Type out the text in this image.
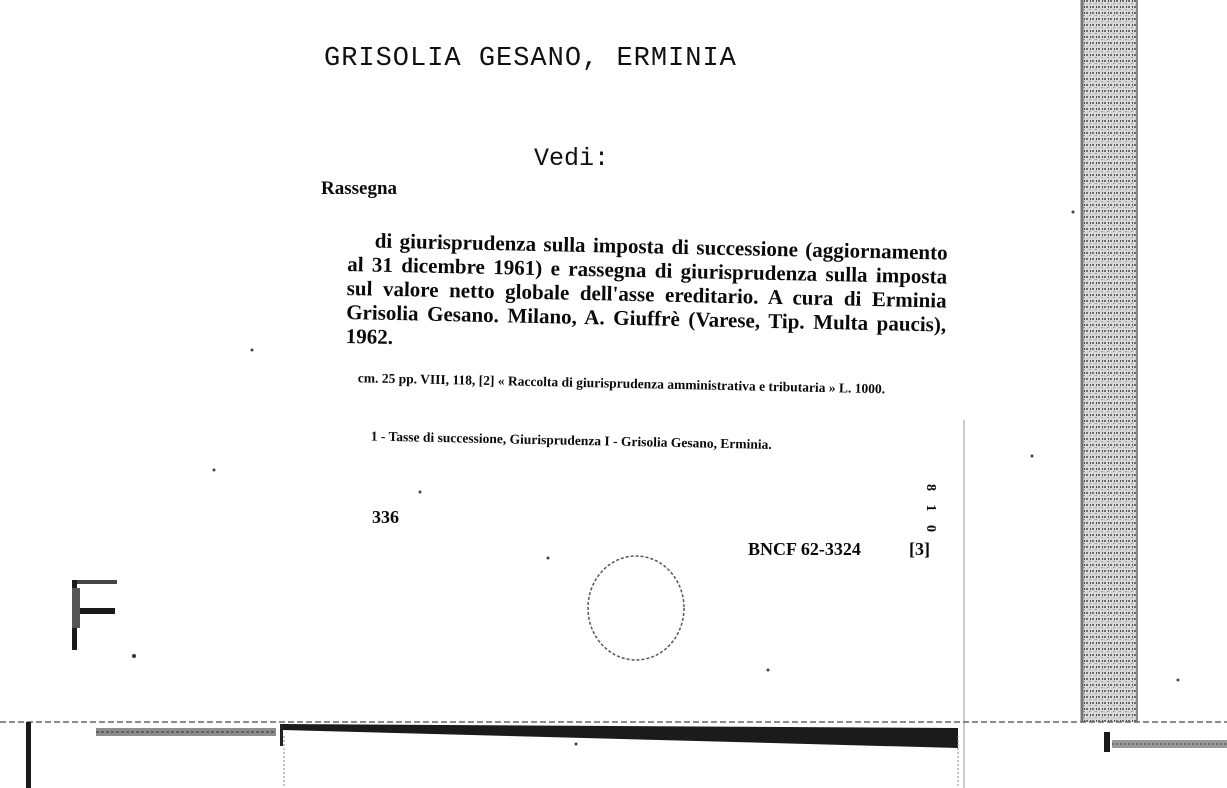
GRISOLIA GESANO, ERMINIA
Vedi:
Rassegna
di giurisprudenza sulla imposta di successione (aggiornamento al 31 dicembre 1961) e rassegna di giurisprudenza sulla imposta sul valore netto globale dell'asse ereditario. A cura di Erminia Grisolia Gesano. Milano, A. Giuffrè (Varese, Tip. Multa paucis), 1962.
cm. 25 pp. VIII, 118, [2] « Raccolta di giurisprudenza amministrativa e tributaria » L. 1000.
1 - Tasse di successione, Giurisprudenza I - Grisolia Gesano, Erminia.
336	8 1 0
BNCF 62-3324	[3]
